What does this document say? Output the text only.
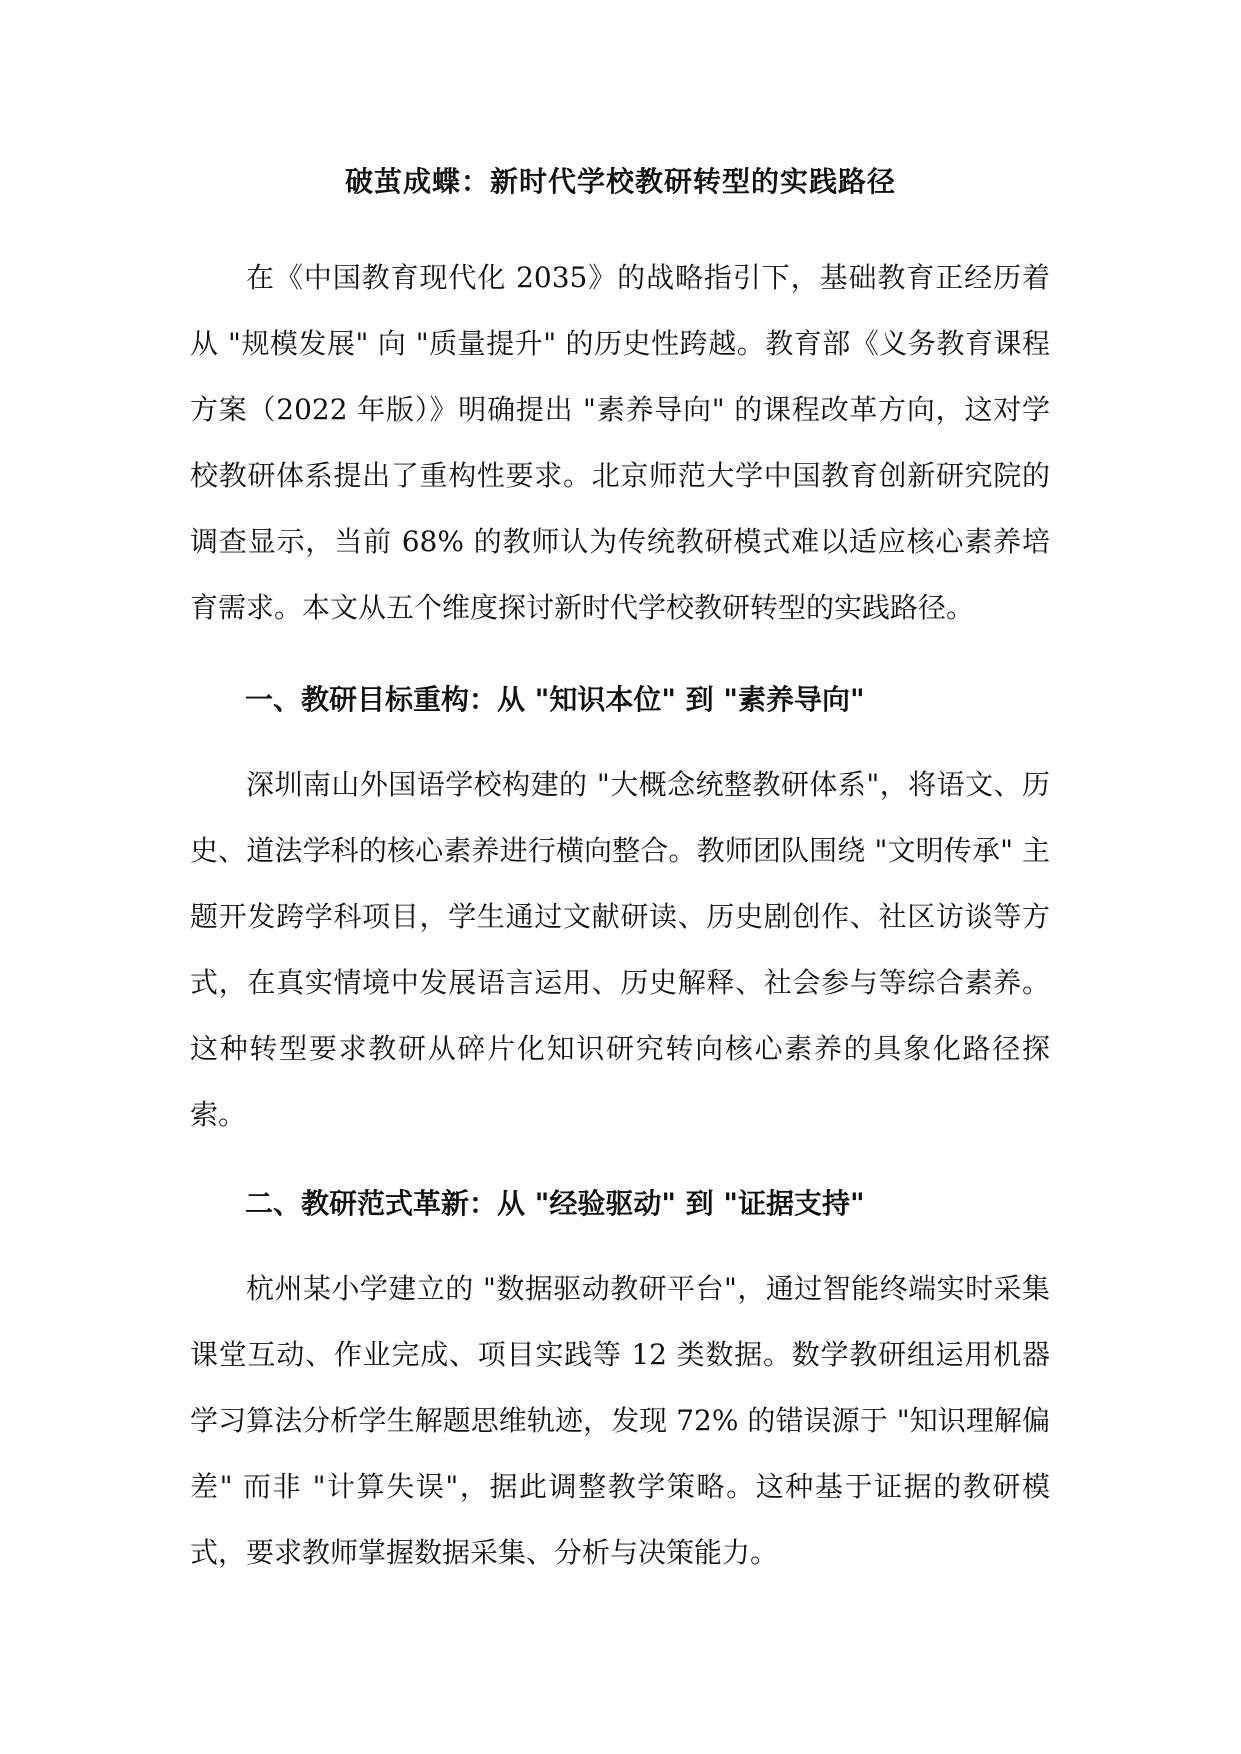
破茧成蝶：新时代学校教研转型的实践路径
在《中国教育现代化 2035》的战略指引下，基础教育正经历着从 "规模发展" 向 "质量提升" 的历史性跨越。教育部《义务教育课程方案（2022 年版）》明确提出 "素养导向" 的课程改革方向，这对学校教研体系提出了重构性要求。北京师范大学中国教育创新研究院的调查显示，当前 68% 的教师认为传统教研模式难以适应核心素养培育需求。本文从五个维度探讨新时代学校教研转型的实践路径。
一、教研目标重构：从 "知识本位" 到 "素养导向"
深圳南山外国语学校构建的 "大概念统整教研体系"，将语文、历史、道法学科的核心素养进行横向整合。教师团队围绕 "文明传承" 主题开发跨学科项目，学生通过文献研读、历史剧创作、社区访谈等方式，在真实情境中发展语言运用、历史解释、社会参与等综合素养。这种转型要求教研从碎片化知识研究转向核心素养的具象化路径探索。
二、教研范式革新：从 "经验驱动" 到 "证据支持"
杭州某小学建立的 "数据驱动教研平台"，通过智能终端实时采集课堂互动、作业完成、项目实践等 12 类数据。数学教研组运用机器学习算法分析学生解题思维轨迹，发现 72% 的错误源于 "知识理解偏差" 而非 "计算失误"，据此调整教学策略。这种基于证据的教研模式，要求教师掌握数据采集、分析与决策能力。
